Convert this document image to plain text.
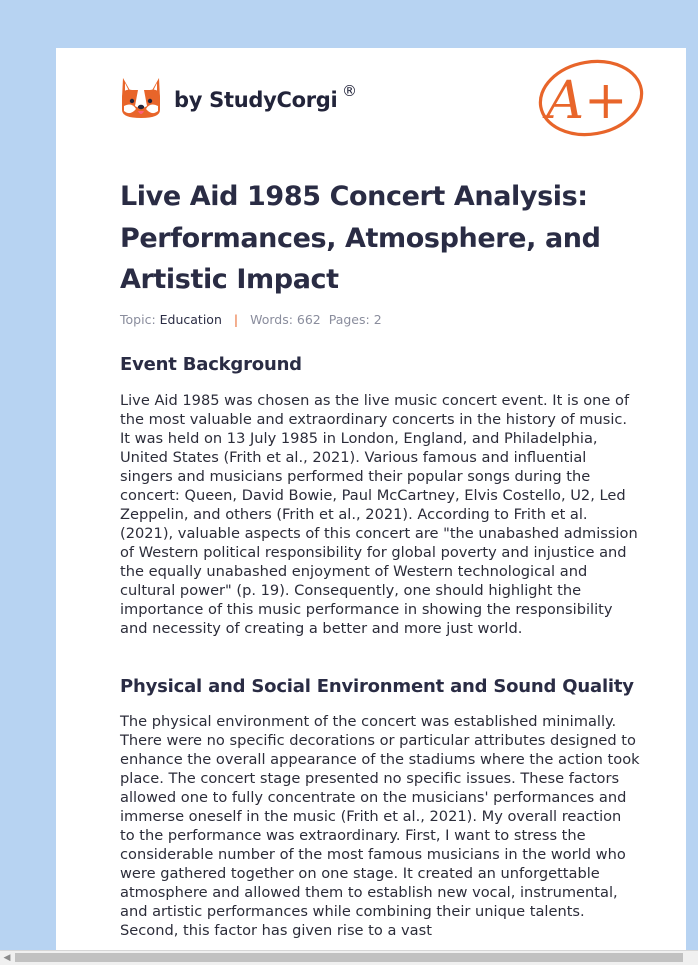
by StudyCorgi ®	A+
Live Aid 1985 Concert Analysis: Performances, Atmosphere, and Artistic Impact
Topic: Education | Words: 662 Pages: 2
Event Background

Live Aid 1985 was chosen as the live music concert event. It is one of the most valuable and extraordinary concerts in the history of music. It was held on 13 July 1985 in London, England, and Philadelphia, United States (Frith et al., 2021). Various famous and influential singers and musicians performed their popular songs during the concert: Queen, David Bowie, Paul McCartney, Elvis Costello, U2, Led Zeppelin, and others (Frith et al., 2021). According to Frith et al. (2021), valuable aspects of this concert are "the unabashed admission of Western political responsibility for global poverty and injustice and the equally unabashed enjoyment of Western technological and cultural power" (p. 19). Consequently, one should highlight the importance of this music performance in showing the responsibility and necessity of creating a better and more just world.

Physical and Social Environment and Sound Quality

The physical environment of the concert was established minimally. There were no specific decorations or particular attributes designed to enhance the overall appearance of the stadiums where the action took place. The concert stage presented no specific issues. These factors allowed one to fully concentrate on the musicians' performances and immerse oneself in the music (Frith et al., 2021). My overall reaction to the performance was extraordinary. First, I want to stress the considerable number of the most famous musicians in the world who were gathered together on one stage. It created an unforgettable atmosphere and allowed them to establish new vocal, instrumental, and artistic performances while combining their unique talents. Second, this factor has given rise to a vast

◀
